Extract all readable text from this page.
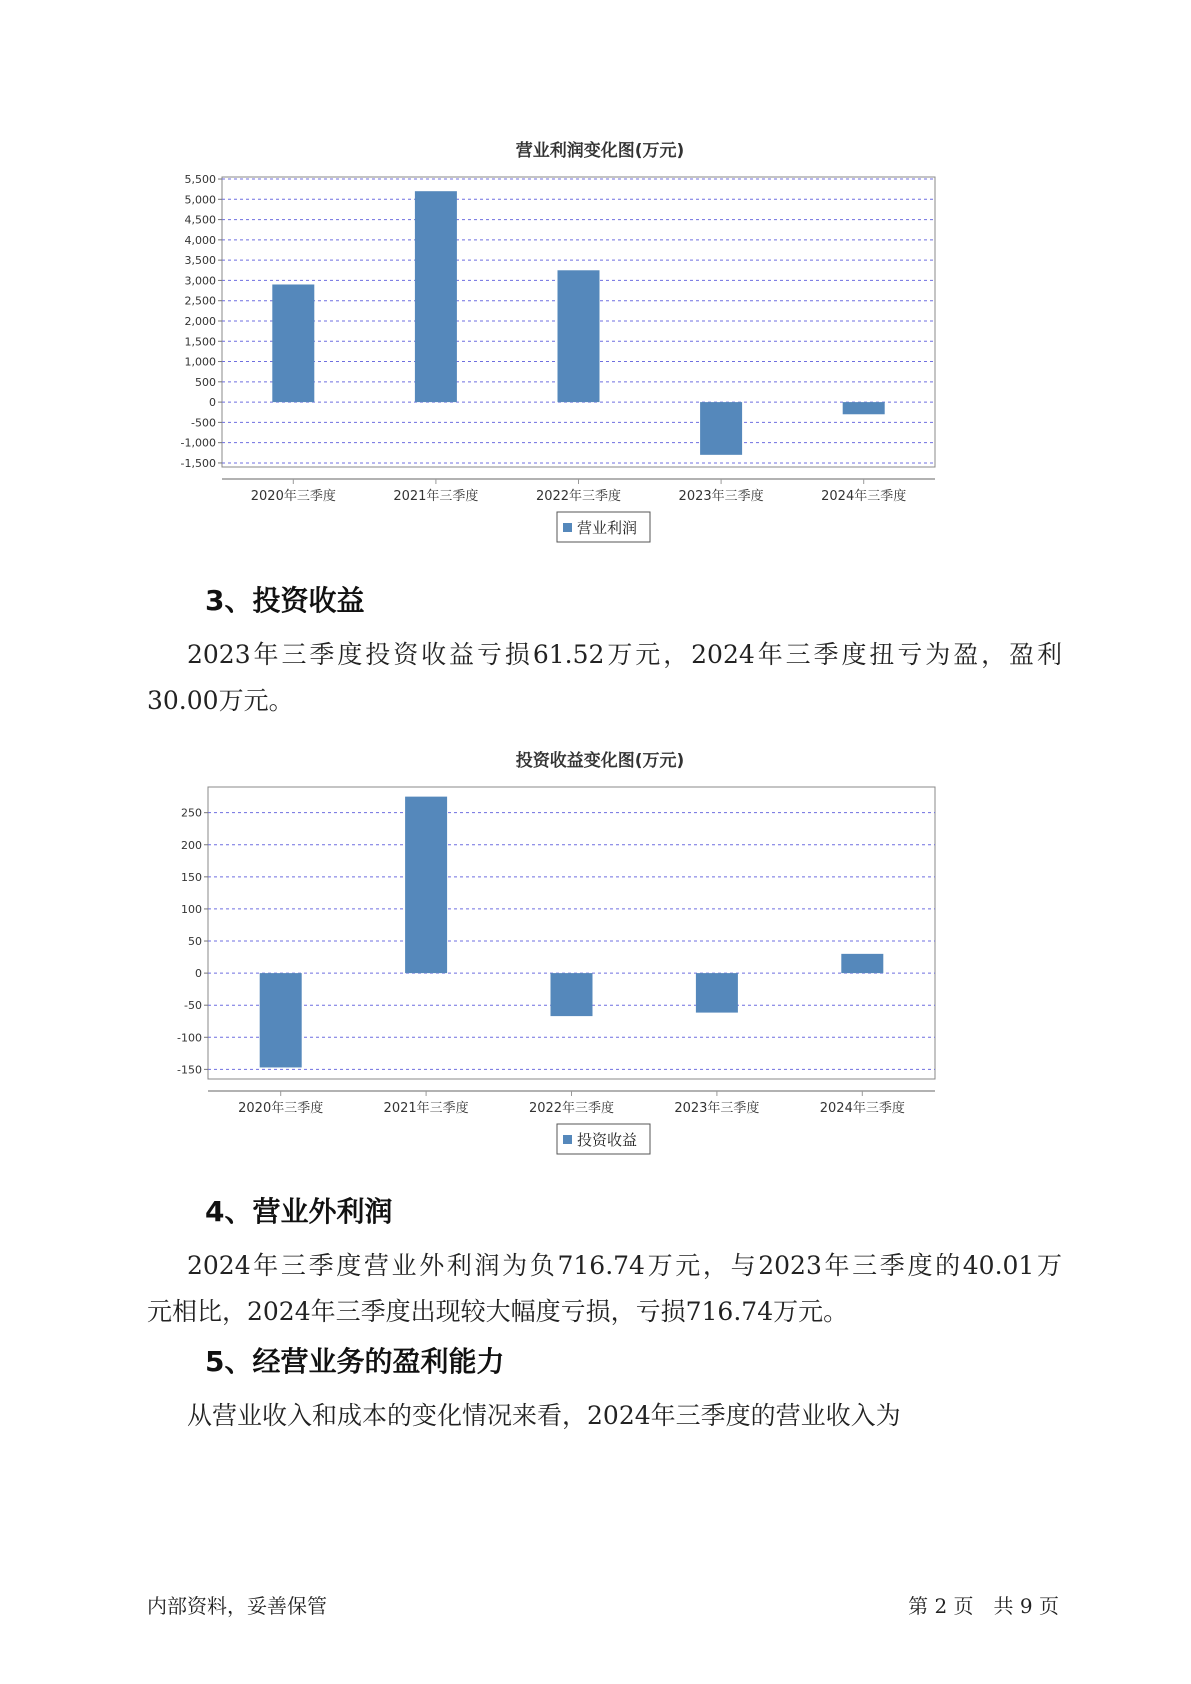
营业利润变化图(万元)
5,500
5,000
4,500
4,000
3,500
3,000
2,500
2,000
1,500
1,000
500
0
-500
-1,000
-1,500
2020年三季度	2021年三季度	2022年三季度	2023年三季度	2024年三季度
营业利润
3、投资收益
2023年三季度投资收益亏损61.52万元，2024年三季度扭亏为盈，盈利
30.00万元。
投资收益变化图(万元)
250
200
150
100
50
0
-50
-100
-150
2020年三季度	2021年三季度	2022年三季度	2023年三季度	2024年三季度
投资收益
4、营业外利润
2024年三季度营业外利润为负716.74万元，与2023年三季度的40.01万
元相比，2024年三季度出现较大幅度亏损，亏损716.74万元。
5、经营业务的盈利能力
从营业收入和成本的变化情况来看，2024年三季度的营业收入为
内部资料，妥善保管	第 2 页　共 9 页
